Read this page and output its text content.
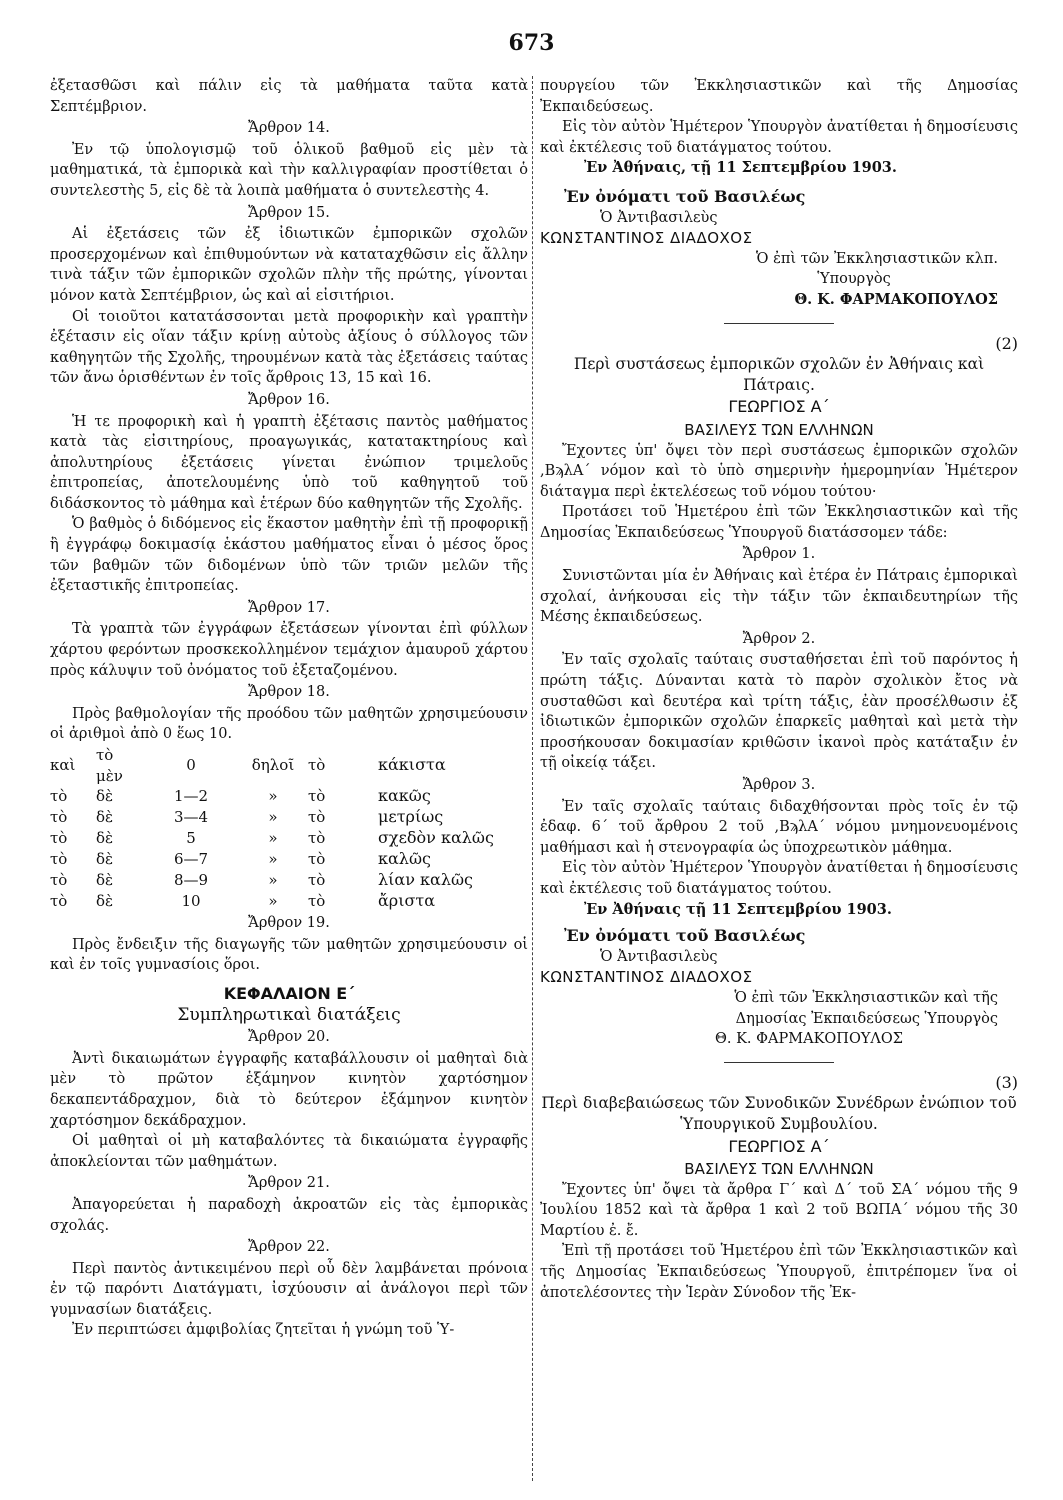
673

ἐξετασθῶσι καὶ πάλιν εἰς τὰ μαθήματα ταῦτα κατὰ Σεπτέμβριον.

Ἄρθρον 14.

Ἐν τῷ ὑπολογισμῷ τοῦ ὁλικοῦ βαθμοῦ εἰς μὲν τὰ μαθηματικά, τὰ ἐμπορικὰ καὶ τὴν καλλιγραφίαν προστίθεται ὁ συντελεστὴς 5, εἰς δὲ τὰ λοιπὰ μαθήματα ὁ συντελεστὴς 4.

Ἄρθρον 15.

Αἱ ἐξετάσεις τῶν ἐξ ἰδιωτικῶν ἐμπορικῶν σχολῶν προσερχομένων καὶ ἐπιθυμούντων νὰ καταταχθῶσιν εἰς ἄλλην τινὰ τάξιν τῶν ἐμπορικῶν σχολῶν πλὴν τῆς πρώτης, γίνονται μόνον κατὰ Σεπτέμβριον, ὡς καὶ αἱ εἰσιτήριοι.

Οἱ τοιοῦτοι κατατάσσονται μετὰ προφορικὴν καὶ γραπτὴν ἐξέτασιν εἰς οἵαν τάξιν κρίνῃ αὐτοὺς ἀξίους ὁ σύλλογος τῶν καθηγητῶν τῆς Σχολῆς, τηρουμένων κατὰ τὰς ἐξετάσεις ταύτας τῶν ἄνω ὁρισθέντων ἐν τοῖς ἄρθροις 13, 15 καὶ 16.

Ἄρθρον 16.

Ἡ τε προφορικὴ καὶ ἡ γραπτὴ ἐξέτασις παντὸς μαθήματος κατὰ τὰς εἰσιτηρίους, προαγωγικάς, κατατακτηρίους καὶ ἀπολυτηρίους ἐξετάσεις γίνεται ἐνώπιον τριμελοῦς ἐπιτροπείας, ἀποτελουμένης ὑπὸ τοῦ καθηγητοῦ τοῦ διδάσκοντος τὸ μάθημα καὶ ἑτέρων δύο καθηγητῶν τῆς Σχολῆς.

Ὁ βαθμὸς ὁ διδόμενος εἰς ἕκαστον μαθητὴν ἐπὶ τῇ προφορικῇ ἢ ἐγγράφῳ δοκιμασίᾳ ἑκάστου μαθήματος εἶναι ὁ μέσος ὅρος τῶν βαθμῶν τῶν διδομένων ὑπὸ τῶν τριῶν μελῶν τῆς ἐξεταστικῆς ἐπιτροπείας.

Ἄρθρον 17.

Τὰ γραπτὰ τῶν ἐγγράφων ἐξετάσεων γίνονται ἐπὶ φύλλων χάρτου φερόντων προσκεκολλημένον τεμάχιον ἀμαυροῦ χάρτου πρὸς κάλυψιν τοῦ ὀνόματος τοῦ ἐξεταζομένου.

Ἄρθρον 18.

Πρὸς βαθμολογίαν τῆς προόδου τῶν μαθητῶν χρησιμεύουσιν οἱ ἀριθμοὶ ἀπὸ 0 ἕως 10.

καὶ	τὸ μὲν	0	δηλοῖ	τὸ	κάκιστα
τὸ	δὲ	1—2	»	τὸ	κακῶς
τὸ	δὲ	3—4	»	τὸ	μετρίως
τὸ	δὲ	5	»	τὸ	σχεδὸν καλῶς
τὸ	δὲ	6—7	»	τὸ	καλῶς
τὸ	δὲ	8—9	»	τὸ	λίαν καλῶς
τὸ	δὲ	10	»	τὸ	ἄριστα
Ἄρθρον 19.

Πρὸς ἔνδειξιν τῆς διαγωγῆς τῶν μαθητῶν χρησιμεύουσιν οἱ καὶ ἐν τοῖς γυμνασίοις ὅροι.

ΚΕΦΑΛΑΙΟΝ Ε΄
Συμπληρωτικαὶ διατάξεις
Ἄρθρον 20.

Ἀντὶ δικαιωμάτων ἐγγραφῆς καταβάλλουσιν οἱ μαθηταὶ διὰ μὲν τὸ πρῶτον ἑξάμηνον κινητὸν χαρτόσημον δεκαπεντάδραχμον, διὰ τὸ δεύτερον ἑξάμηνον κινητὸν χαρτόσημον δεκάδραχμον.

Οἱ μαθηταὶ οἱ μὴ καταβαλόντες τὰ δικαιώματα ἐγγραφῆς ἀποκλείονται τῶν μαθημάτων.

Ἄρθρον 21.

Ἀπαγορεύεται ἡ παραδοχὴ ἀκροατῶν εἰς τὰς ἐμπορικὰς σχολάς.

Ἄρθρον 22.

Περὶ παντὸς ἀντικειμένου περὶ οὗ δὲν λαμβάνεται πρόνοια ἐν τῷ παρόντι Διατάγματι, ἰσχύουσιν αἱ ἀνάλογοι περὶ τῶν γυμνασίων διατάξεις.

Ἐν περιπτώσει ἀμφιβολίας ζητεῖται ἡ γνώμη τοῦ Ὑ-

πουργείου τῶν Ἐκκλησιαστικῶν καὶ τῆς Δημοσίας Ἐκπαιδεύσεως.

Εἰς τὸν αὐτὸν Ἡμέτερον Ὑπουργὸν ἀνατίθεται ἡ δημοσίευσις καὶ ἐκτέλεσις τοῦ διατάγματος τούτου.

Ἐν Ἀθήναις, τῇ 11 Σεπτεμβρίου 1903.
Ἐν ὀνόματι τοῦ Βασιλέως
Ὁ Ἀντιβασιλεὺς
ΚΩΝΣΤΑΝΤΙΝΟΣ ΔΙΑΔΟΧΟΣ
Ὁ ἐπὶ τῶν Ἐκκλησιαστικῶν κλπ.
Ὑπουργὸς
Θ. Κ. ΦΑΡΜΑΚΟΠΟΥΛΟΣ
(2)
Περὶ συστάσεως ἐμπορικῶν σχολῶν ἐν Ἀθήναις καὶ Πάτραις.
ΓΕΩΡΓΙΟΣ Α΄
ΒΑΣΙΛΕΥΣ ΤΩΝ ΕΛΛΗΝΩΝ

Ἔχοντες ὑπ' ὄψει τὸν περὶ συστάσεως ἐμπορικῶν σχολῶν ,ΒϡλΑ΄ νόμον καὶ τὸ ὑπὸ σημερινὴν ἡμερομηνίαν Ἡμέτερον διάταγμα περὶ ἐκτελέσεως τοῦ νόμου τούτου·

Προτάσει τοῦ Ἡμετέρου ἐπὶ τῶν Ἐκκλησιαστικῶν καὶ τῆς Δημοσίας Ἐκπαιδεύσεως Ὑπουργοῦ διατάσσομεν τάδε:

Ἄρθρον 1.

Συνιστῶνται μία ἐν Ἀθήναις καὶ ἑτέρα ἐν Πάτραις ἐμπορικαὶ σχολαί, ἀνήκουσαι εἰς τὴν τάξιν τῶν ἐκπαιδευτηρίων τῆς Μέσης ἐκπαιδεύσεως.

Ἄρθρον 2.

Ἐν ταῖς σχολαῖς ταύταις συσταθήσεται ἐπὶ τοῦ παρόντος ἡ πρώτη τάξις. Δύνανται κατὰ τὸ παρὸν σχολικὸν ἔτος νὰ συσταθῶσι καὶ δευτέρα καὶ τρίτη τάξις, ἐὰν προσέλθωσιν ἐξ ἰδιωτικῶν ἐμπορικῶν σχολῶν ἐπαρκεῖς μαθηταὶ καὶ μετὰ τὴν προσήκουσαν δοκιμασίαν κριθῶσιν ἱκανοὶ πρὸς κατάταξιν ἐν τῇ οἰκείᾳ τάξει.

Ἄρθρον 3.

Ἐν ταῖς σχολαῖς ταύταις διδαχθήσονται πρὸς τοῖς ἐν τῷ ἐδαφ. 6΄ τοῦ ἄρθρου 2 τοῦ ,ΒϡλΑ΄ νόμου μνημονευομένοις μαθήμασι καὶ ἡ στενογραφία ὡς ὑποχρεωτικὸν μάθημα.

Εἰς τὸν αὐτὸν Ἡμέτερον Ὑπουργὸν ἀνατίθεται ἡ δημοσίευσις καὶ ἐκτέλεσις τοῦ διατάγματος τούτου.

Ἐν Ἀθήναις τῇ 11 Σεπτεμβρίου 1903.
Ἐν ὀνόματι τοῦ Βασιλέως
Ὁ Ἀντιβασιλεὺς
ΚΩΝΣΤΑΝΤΙΝΟΣ ΔΙΑΔΟΧΟΣ
Ὁ ἐπὶ τῶν Ἐκκλησιαστικῶν καὶ τῆς
Δημοσίας Ἐκπαιδεύσεως Ὑπουργὸς
Θ. Κ. ΦΑΡΜΑΚΟΠΟΥΛΟΣ
(3)
Περὶ διαβεβαιώσεως τῶν Συνοδικῶν Συνέδρων ἐνώπιον τοῦ Ὑπουργικοῦ Συμβουλίου.
ΓΕΩΡΓΙΟΣ Α΄
ΒΑΣΙΛΕΥΣ ΤΩΝ ΕΛΛΗΝΩΝ

Ἔχοντες ὑπ' ὄψει τὰ ἄρθρα Γ΄ καὶ Δ΄ τοῦ ΣΑ΄ νόμου τῆς 9 Ἰουλίου 1852 καὶ τὰ ἄρθρα 1 καὶ 2 τοῦ ΒΩΠΑ΄ νόμου τῆς 30 Μαρτίου ἐ. ἔ.

Ἐπὶ τῇ προτάσει τοῦ Ἡμετέρου ἐπὶ τῶν Ἐκκλησιαστικῶν καὶ τῆς Δημοσίας Ἐκπαιδεύσεως Ὑπουργοῦ, ἐπιτρέπομεν ἵνα οἱ ἀποτελέσοντες τὴν Ἱερὰν Σύνοδον τῆς Ἐκ-
